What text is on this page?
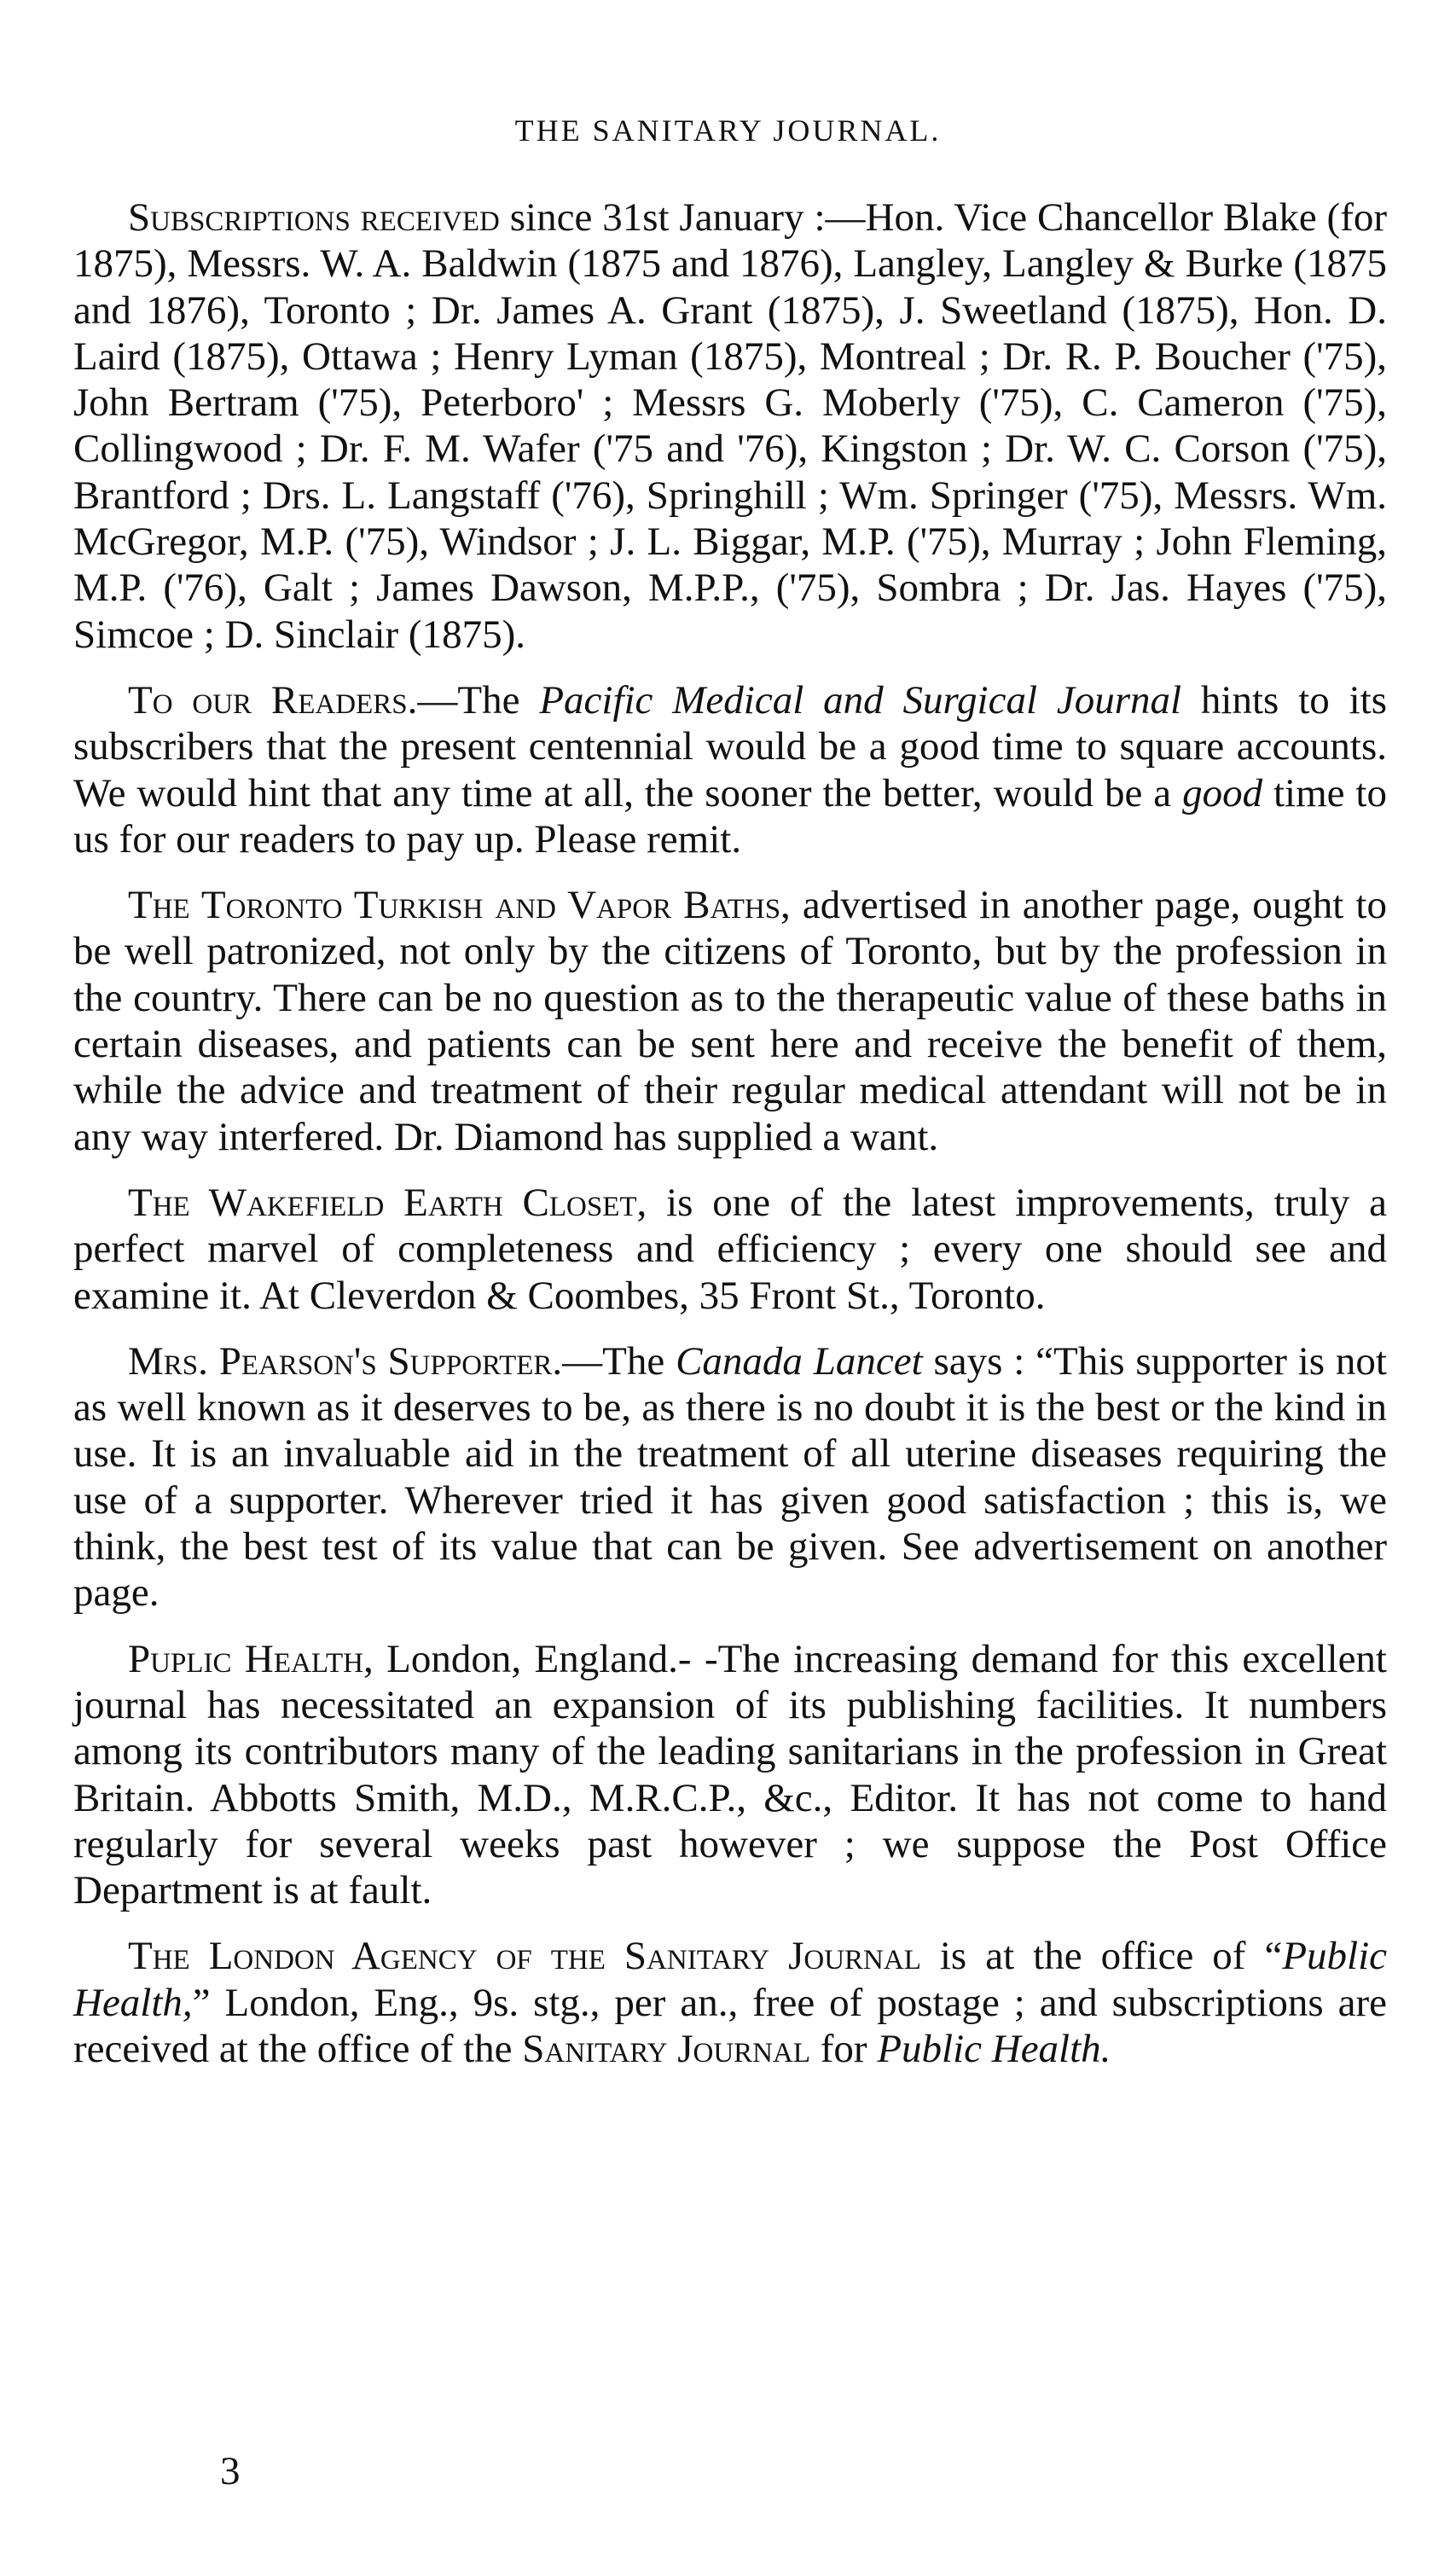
THE SANITARY JOURNAL.

Subscriptions received since 31st January :—Hon. Vice Chancellor Blake (for 1875), Messrs. W. A. Baldwin (1875 and 1876), Langley, Langley & Burke (1875 and 1876), Toronto ; Dr. James A. Grant (1875), J. Sweetland (1875), Hon. D. Laird (1875), Ottawa ; Henry Lyman (1875), Montreal ; Dr. R. P. Boucher ('75), John Bertram ('75), Peterboro' ; Messrs G. Moberly ('75), C. Cameron ('75), Collingwood ; Dr. F. M. Wafer ('75 and '76), Kingston ; Dr. W. C. Corson ('75), Brantford ; Drs. L. Langstaff ('76), Springhill ; Wm. Springer ('75), Messrs. Wm. McGregor, M.P. ('75), Windsor ; J. L. Biggar, M.P. ('75), Murray ; John Fleming, M.P. ('76), Galt ; James Dawson, M.P.P., ('75), Sombra ; Dr. Jas. Hayes ('75), Simcoe ; D. Sinclair (1875).

To our Readers.—The Pacific Medical and Surgical Journal hints to its subscribers that the present centennial would be a good time to square accounts. We would hint that any time at all, the sooner the better, would be a good time to us for our readers to pay up. Please remit.

The Toronto Turkish and Vapor Baths, advertised in another page, ought to be well patronized, not only by the citizens of Toronto, but by the profession in the country. There can be no question as to the therapeutic value of these baths in certain diseases, and patients can be sent here and receive the benefit of them, while the advice and treatment of their regular medical attendant will not be in any way interfered. Dr. Diamond has supplied a want.

The Wakefield Earth Closet, is one of the latest improvements, truly a perfect marvel of completeness and efficiency ; every one should see and examine it. At Cleverdon & Coombes, 35 Front St., Toronto.

Mrs. Pearson's Supporter.—The Canada Lancet says : “This supporter is not as well known as it deserves to be, as there is no doubt it is the best or the kind in use. It is an invaluable aid in the treatment of all uterine diseases requiring the use of a supporter. Wherever tried it has given good satisfaction ; this is, we think, the best test of its value that can be given. See advertisement on another page.

Puplic Health, London, England.- -The increasing demand for this excellent journal has necessitated an expansion of its publishing facilities. It numbers among its contributors many of the leading sanitarians in the profession in Great Britain. Abbotts Smith, M.D., M.R.C.P., &c., Editor. It has not come to hand regularly for several weeks past however ; we suppose the Post Office Department is at fault.

The London Agency of the Sanitary Journal is at the office of “Public Health,” London, Eng., 9s. stg., per an., free of postage ; and subscriptions are received at the office of the Sanitary Journal for Public Health.

3
